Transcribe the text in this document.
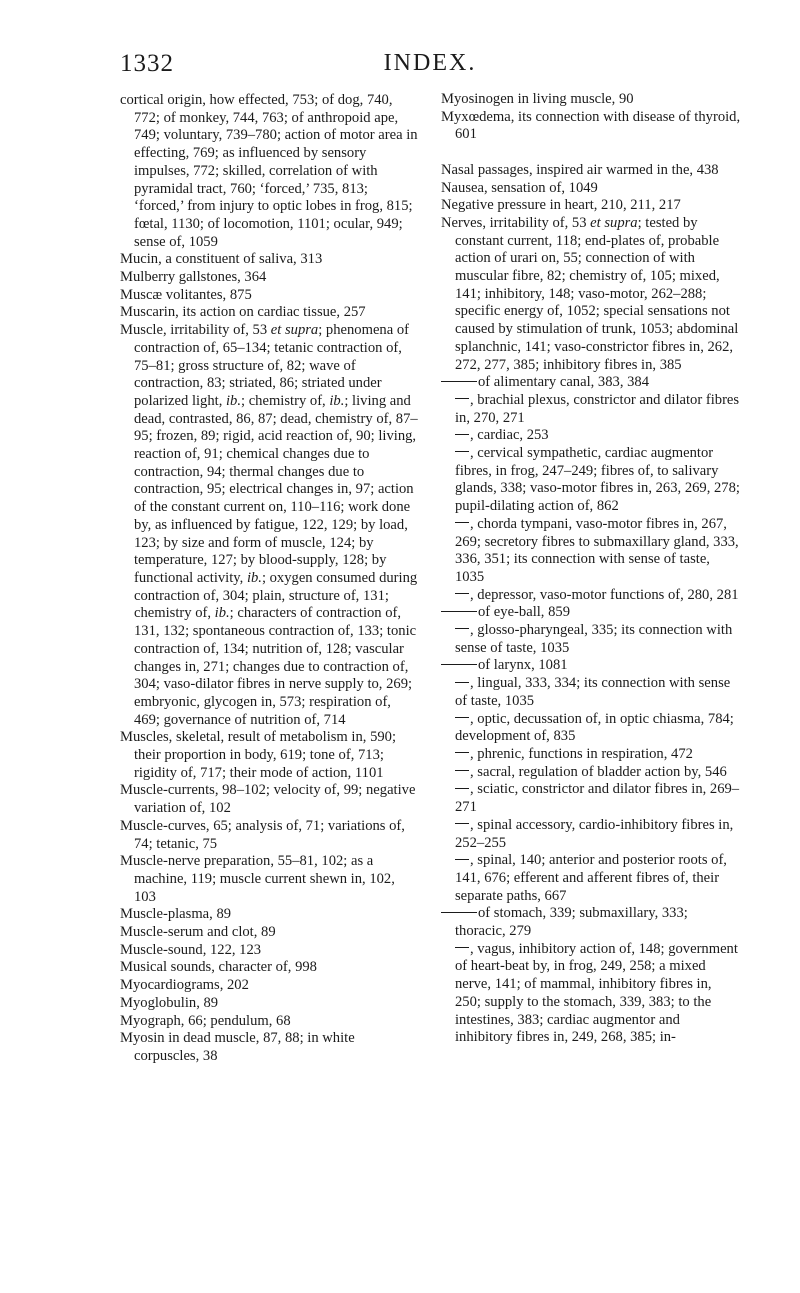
1332	INDEX.

cortical origin, how effected, 753; of dog, 740, 772; of monkey, 744, 763; of anthropoid ape, 749; voluntary, 739–780; action of motor area in effecting, 769; as influenced by sensory impulses, 772; skilled, correlation of with pyramidal tract, 760; ‘forced,’ 735, 813; ‘forced,’ from injury to optic lobes in frog, 815; fœtal, 1130; of locomotion, 1101; ocular, 949; sense of, 1059

Mucin, a constituent of saliva, 313

Mulberry gallstones, 364

Muscæ volitantes, 875

Muscarin, its action on cardiac tissue, 257

Muscle, irritability of, 53 et supra; phenomena of contraction of, 65–134; tetanic contraction of, 75–81; gross structure of, 82; wave of contraction, 83; striated, 86; striated under polarized light, ib.; chemistry of, ib.; living and dead, contrasted, 86, 87; dead, chemistry of, 87–95; frozen, 89; rigid, acid reaction of, 90; living, reaction of, 91; chemical changes due to contraction, 94; thermal changes due to contraction, 95; electrical changes in, 97; action of the constant current on, 110–116; work done by, as influenced by fatigue, 122, 129; by load, 123; by size and form of muscle, 124; by temperature, 127; by blood-supply, 128; by functional activity, ib.; oxygen consumed during contraction of, 304; plain, structure of, 131; chemistry of, ib.; characters of contraction of, 131, 132; spontaneous contraction of, 133; tonic contraction of, 134; nutrition of, 128; vascular changes in, 271; changes due to contraction of, 304; vaso-dilator fibres in nerve supply to, 269; embryonic, glycogen in, 573; respiration of, 469; governance of nutrition of, 714

Muscles, skeletal, result of metabolism in, 590; their proportion in body, 619; tone of, 713; rigidity of, 717; their mode of action, 1101

Muscle-currents, 98–102; velocity of, 99; negative variation of, 102

Muscle-curves, 65; analysis of, 71; variations of, 74; tetanic, 75

Muscle-nerve preparation, 55–81, 102; as a machine, 119; muscle current shewn in, 102, 103

Muscle-plasma, 89

Muscle-serum and clot, 89

Muscle-sound, 122, 123

Musical sounds, character of, 998

Myocardiograms, 202

Myoglobulin, 89

Myograph, 66; pendulum, 68

Myosin in dead muscle, 87, 88; in white corpuscles, 38

Myosinogen in living muscle, 90

Myxœdema, its connection with disease of thyroid, 601

Nasal passages, inspired air warmed in the, 438

Nausea, sensation of, 1049

Negative pressure in heart, 210, 211, 217

Nerves, irritability of, 53 et supra; tested by constant current, 118; end-plates of, probable action of urari on, 55; connection of with muscular fibre, 82; chemistry of, 105; mixed, 141; inhibitory, 148; vaso-motor, 262–288; specific energy of, 1052; special sensations not caused by stimulation of trunk, 1053; abdominal splanchnic, 141; vaso-constrictor fibres in, 262, 272, 277, 385; inhibitory fibres in, 385

of alimentary canal, 383, 384

, brachial plexus, constrictor and dilator fibres in, 270, 271

, cardiac, 253

, cervical sympathetic, cardiac augmentor fibres, in frog, 247–249; fibres of, to salivary glands, 338; vaso-motor fibres in, 263, 269, 278; pupil-dilating action of, 862

, chorda tympani, vaso-motor fibres in, 267, 269; secretory fibres to submaxillary gland, 333, 336, 351; its connection with sense of taste, 1035

, depressor, vaso-motor functions of, 280, 281

of eye-ball, 859

, glosso-pharyngeal, 335; its connection with sense of taste, 1035

of larynx, 1081

, lingual, 333, 334; its connection with sense of taste, 1035

, optic, decussation of, in optic chiasma, 784; development of, 835

, phrenic, functions in respiration, 472

, sacral, regulation of bladder action by, 546

, sciatic, constrictor and dilator fibres in, 269–271

, spinal accessory, cardio-inhibitory fibres in, 252–255

, spinal, 140; anterior and posterior roots of, 141, 676; efferent and afferent fibres of, their separate paths, 667

of stomach, 339; submaxillary, 333; thoracic, 279

, vagus, inhibitory action of, 148; government of heart-beat by, in frog, 249, 258; a mixed nerve, 141; of mammal, inhibitory fibres in, 250; supply to the stomach, 339, 383; to the intestines, 383; cardiac augmentor and inhibitory fibres in, 249, 268, 385; in-
